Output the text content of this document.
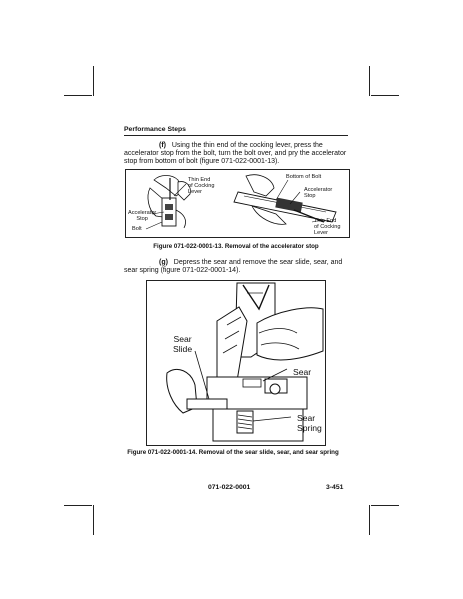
Performance Steps
(f) Using the thin end of the cocking lever, press the
accelerator stop from the bolt, turn the bolt over, and pry the accelerator
stop from bottom of bolt (figure 071-022-0001-13).
Thin End
of Cocking
Lever
Accelerator
Stop
Bolt
Bottom of Bolt
Accelerator
Stop
Thin End
of Cocking
Lever
Figure 071-022-0001-13. Removal of the accelerator stop
(g) Depress the sear and remove the sear slide, sear, and
sear spring (figure 071-022-0001-14).
Sear
Slide
Sear
Sear
Spring
Figure 071-022-0001-14. Removal of the sear slide, sear, and sear spring
071-022-0001	3-451
